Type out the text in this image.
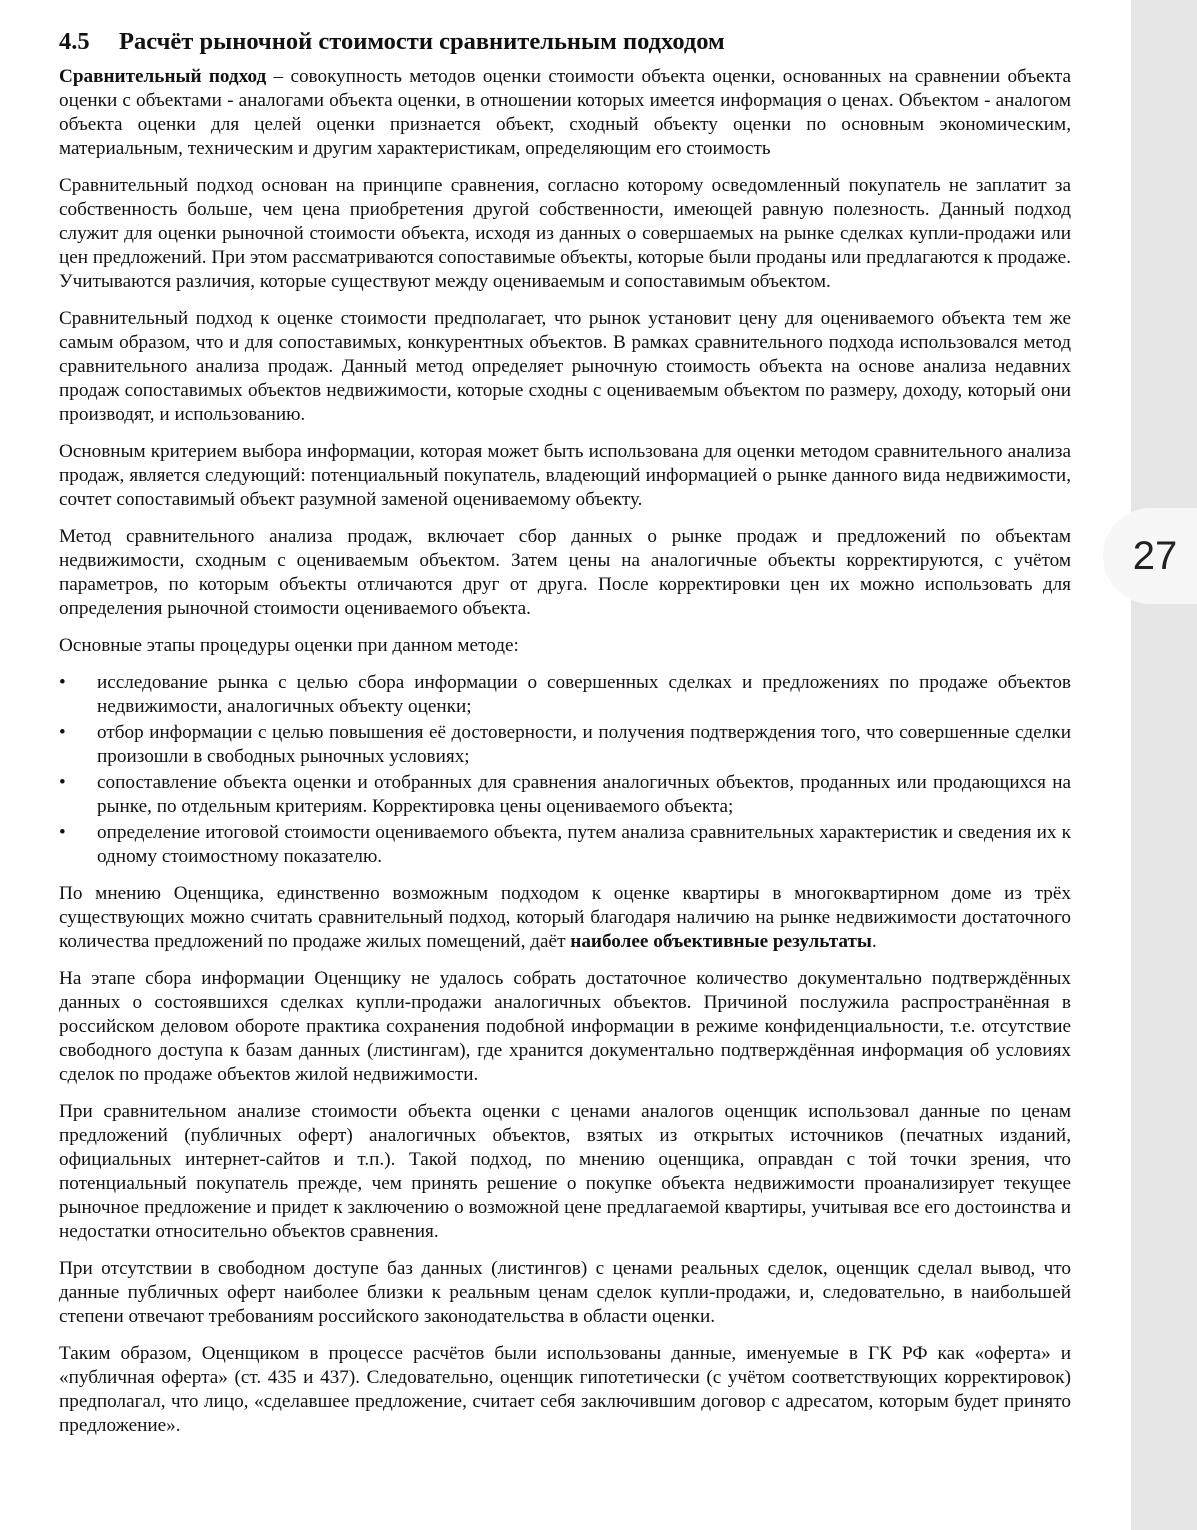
4.5 Расчёт рыночной стоимости сравнительным подходом

Сравнительный подход – совокупность методов оценки стоимости объекта оценки, основанных на сравнении объекта оценки с объектами - аналогами объекта оценки, в отношении которых имеется информация о ценах. Объектом - аналогом объекта оценки для целей оценки признается объект, сходный объекту оценки по основным экономическим, материальным, техническим и другим характеристикам, определяющим его стоимость

Сравнительный подход основан на принципе сравнения, согласно которому осведомленный покупатель не заплатит за собственность больше, чем цена приобретения другой собственности, имеющей равную полезность. Данный подход служит для оценки рыночной стоимости объекта, исходя из данных о совершаемых на рынке сделках купли-продажи или цен предложений. При этом рассматриваются сопоставимые объекты, которые были проданы или предлагаются к продаже. Учитываются различия, которые существуют между оцениваемым и сопоставимым объектом.

Сравнительный подход к оценке стоимости предполагает, что рынок установит цену для оцениваемого объекта тем же самым образом, что и для сопоставимых, конкурентных объектов. В рамках сравнительного подхода использовался метод сравнительного анализа продаж. Данный метод определяет рыночную стоимость объекта на основе анализа недавних продаж сопоставимых объектов недвижимости, которые сходны с оцениваемым объектом по размеру, доходу, который они производят, и использованию.

Основным критерием выбора информации, которая может быть использована для оценки методом сравнительного анализа продаж, является следующий: потенциальный покупатель, владеющий информацией о рынке данного вида недвижимости, сочтет сопоставимый объект разумной заменой оцениваемому объекту.

Метод сравнительного анализа продаж, включает сбор данных о рынке продаж и предложений по объектам недвижимости, сходным с оцениваемым объектом. Затем цены на аналогичные объекты корректируются, с учётом параметров, по которым объекты отличаются друг от друга. После корректировки цен их можно использовать для определения рыночной стоимости оцениваемого объекта.

Основные этапы процедуры оценки при данном методе:

• исследование рынка с целью сбора информации о совершенных сделках и предложениях по продаже объектов недвижимости, аналогичных объекту оценки;
• отбор информации с целью повышения её достоверности, и получения подтверждения того, что совершенные сделки произошли в свободных рыночных условиях;
• сопоставление объекта оценки и отобранных для сравнения аналогичных объектов, проданных или продающихся на рынке, по отдельным критериям. Корректировка цены оцениваемого объекта;
• определение итоговой стоимости оцениваемого объекта, путем анализа сравнительных характеристик и сведения их к одному стоимостному показателю.

По мнению Оценщика, единственно возможным подходом к оценке квартиры в многоквартирном доме из трёх существующих можно считать сравнительный подход, который благодаря наличию на рынке недвижимости достаточного количества предложений по продаже жилых помещений, даёт наиболее объективные результаты.

На этапе сбора информации Оценщику не удалось собрать достаточное количество документально подтверждённых данных о состоявшихся сделках купли-продажи аналогичных объектов. Причиной послужила распространённая в российском деловом обороте практика сохранения подобной информации в режиме конфиденциальности, т.е. отсутствие свободного доступа к базам данных (листингам), где хранится документально подтверждённая информация об условиях сделок по продаже объектов жилой недвижимости.

При сравнительном анализе стоимости объекта оценки с ценами аналогов оценщик использовал данные по ценам предложений (публичных оферт) аналогичных объектов, взятых из открытых источников (печатных изданий, официальных интернет-сайтов и т.п.). Такой подход, по мнению оценщика, оправдан с той точки зрения, что потенциальный покупатель прежде, чем принять решение о покупке объекта недвижимости проанализирует текущее рыночное предложение и придет к заключению о возможной цене предлагаемой квартиры, учитывая все его достоинства и недостатки относительно объектов сравнения.

При отсутствии в свободном доступе баз данных (листингов) с ценами реальных сделок, оценщик сделал вывод, что данные публичных оферт наиболее близки к реальным ценам сделок купли-продажи, и, следовательно, в наибольшей степени отвечают требованиям российского законодательства в области оценки.

Таким образом, Оценщиком в процессе расчётов были использованы данные, именуемые в ГК РФ как «оферта» и «публичная оферта» (ст. 435 и 437). Следовательно, оценщик гипотетически (с учётом соответствующих корректировок) предполагал, что лицо, «сделавшее предложение, считает себя заключившим договор с адресатом, которым будет принято предложение».

27
